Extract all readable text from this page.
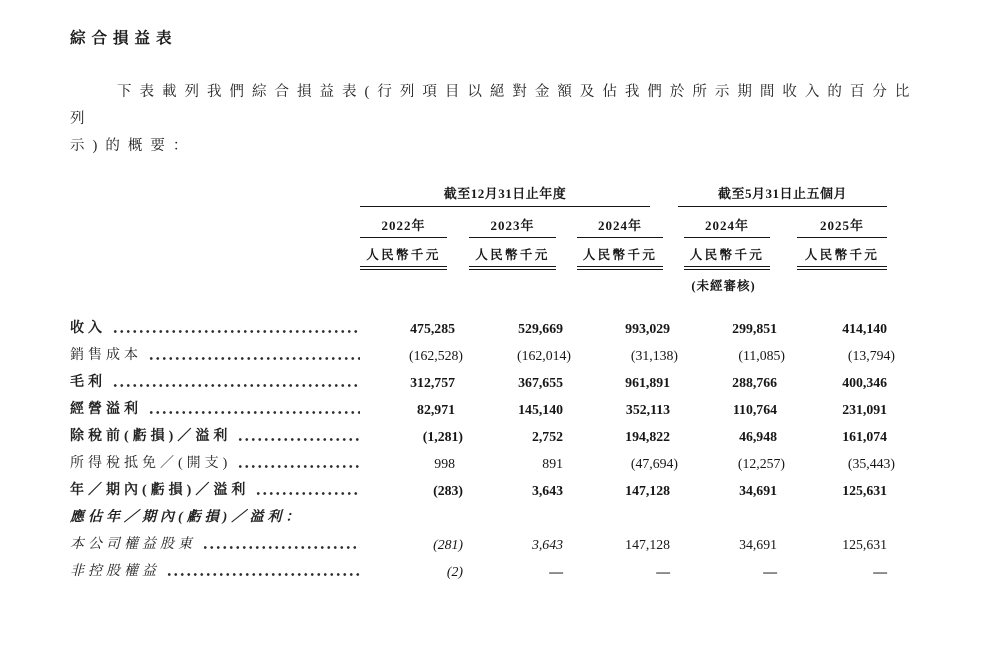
綜合損益表
下表載列我們綜合損益表(行列項目以絕對金額及佔我們於所示期間收入的百分比列
示)的概要：

	截至12月31日止年度			截至5月31日止五個月	

	2022年	2023年	2024年	2024年	2025年

	人民幣千元	人民幣千元	人民幣千元	人民幣千元	人民幣千元

				(未經審核)	

收入	475,285	529,669	993,029	299,851	414,140

銷售成本	(162,528)	(162,014)	(31,138)	(11,085)	(13,794)

毛利	312,757	367,655	961,891	288,766	400,346

經營溢利	82,971	145,140	352,113	110,764	231,091

除稅前(虧損)／溢利	(1,281)	2,752	194,822	46,948	161,074

所得稅抵免／(開支)	998	891	(47,694)	(12,257)	(35,443)

年／期內(虧損)／溢利	(283)	3,643	147,128	34,691	125,631

應佔年／期內(虧損)／溢利：					

本公司權益股東	(281)	3,643	147,128	34,691	125,631

非控股權益	(2)	—	—	—	—
